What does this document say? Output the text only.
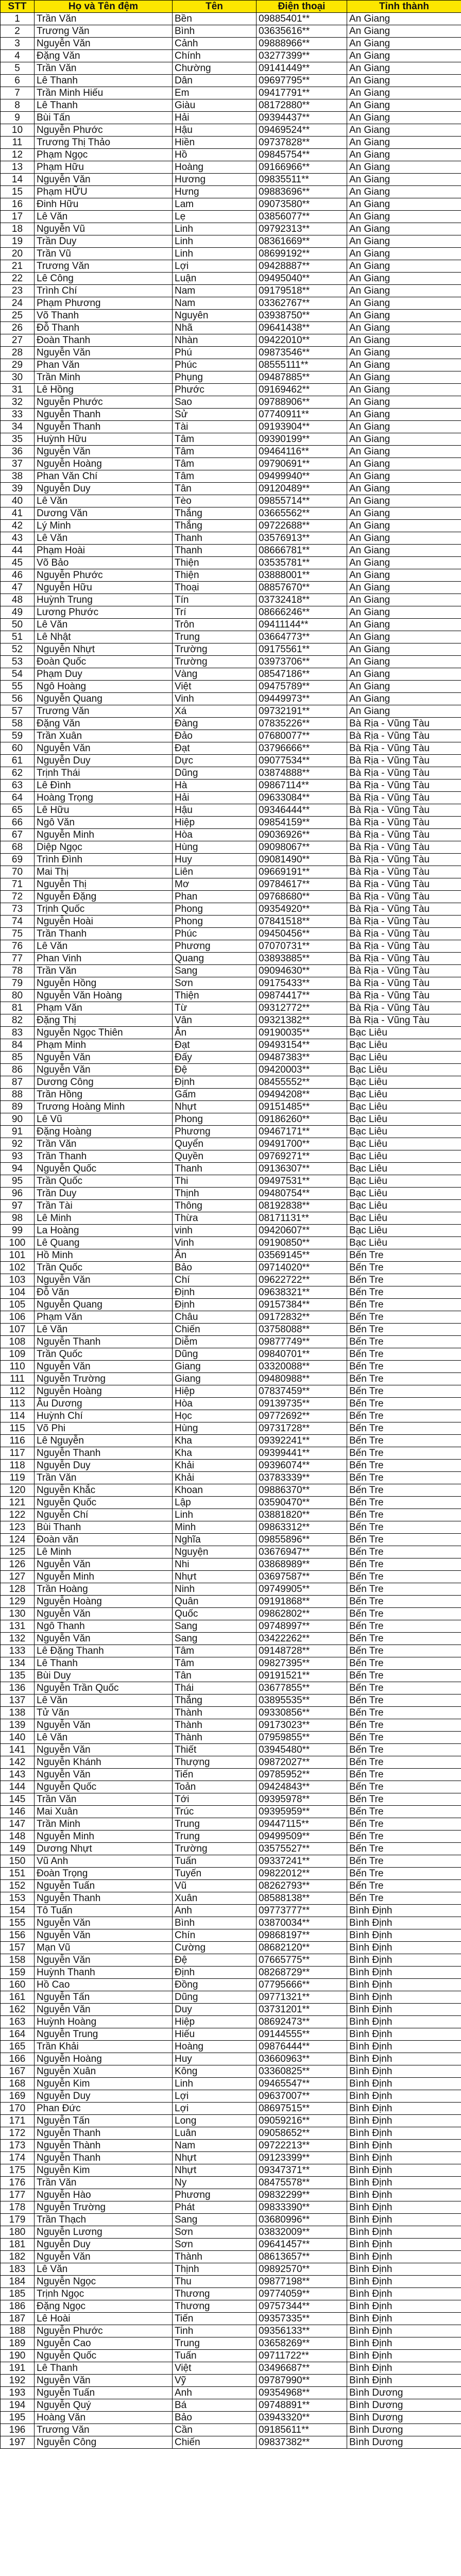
STT	Họ và Tên đệm	Tên	Điện thoại	Tỉnh thành
1	Trần Văn	Bền	09885401**	An Giang
2	Trương Văn	Bình	03635616**	An Giang
3	Nguyễn Văn	Cảnh	09888966**	An Giang
4	Đặng Văn	Chính	03277399**	An Giang
5	Trần Văn	Chường	09141449**	An Giang
6	Lê Thanh	Dân	09697795**	An Giang
7	Trần Minh Hiếu	Em	09417791**	An Giang
8	Lê Thanh	Giàu	08172880**	An Giang
9	Bùi Tấn	Hải	09394437**	An Giang
10	Nguyễn Phước	Hậu	09469524**	An Giang
11	Trương Thị Thảo	Hiền	09737828**	An Giang
12	Phạm Ngọc	Hồ	09845754**	An Giang
13	Phạm Hữu	Hoàng	09166966**	An Giang
14	Nguyễn Văn	Hương	09835511**	An Giang
15	Phạm HỮU	Hưng	09883696**	An Giang
16	Đinh Hữu	Lam	09073580**	An Giang
17	Lê Văn	Lẹ	03856077**	An Giang
18	Nguyễn Vũ	Linh	09792313**	An Giang
19	Trần Duy	Linh	08361669**	An Giang
20	Trần Vũ	Linh	08699192**	An Giang
21	Trương Văn	Lợi	09428887**	An Giang
22	Lê Công	Luận	09495040**	An Giang
23	Trình Chí	Nam	09179518**	An Giang
24	Phạm Phương	Nam	03362767**	An Giang
25	Võ Thanh	Nguyên	03938750**	An Giang
26	Đỗ Thanh	Nhã	09641438**	An Giang
27	Đoàn Thanh	Nhàn	09422010**	An Giang
28	Nguyễn Văn	Phú	09873546**	An Giang
29	Phan Văn	Phúc	08555111**	An Giang
30	Trần Minh	Phụng	09487885**	An Giang
31	Lê Hồng	Phước	09169462**	An Giang
32	Nguyễn Phước	Sao	09788906**	An Giang
33	Nguyễn Thanh	Sử	07740911**	An Giang
34	Nguyễn Thanh	Tài	09193904**	An Giang
35	Huỳnh Hữu	Tâm	09390199**	An Giang
36	Nguyễn Văn	Tâm	09464116**	An Giang
37	Nguyễn Hoàng	Tâm	09790691**	An Giang
38	Phan Văn Chí	Tâm	09499940**	An Giang
39	Nguyễn Duy	Tân	09120489**	An Giang
40	Lê Văn	Tèo	09855714**	An Giang
41	Dương Văn	Thắng	03665562**	An Giang
42	Lý Minh	Thắng	09722688**	An Giang
43	Lê Văn	Thanh	03576913**	An Giang
44	Phạm Hoài	Thanh	08666781**	An Giang
45	Võ Bảo	Thiện	03535781**	An Giang
46	Nguyễn Phước	Thiện	03888001**	An Giang
47	Nguyễn Hữu	Thoại	08857670**	An Giang
48	Huỳnh Trung	Tín	03732418**	An Giang
49	Lương Phước	Trí	08666246**	An Giang
50	Lê Văn	Trôn	09411144**	An Giang
51	Lê Nhật	Trung	03664773**	An Giang
52	Nguyễn Nhựt	Trường	09175561**	An Giang
53	Đoàn Quốc	Trường	03973706**	An Giang
54	Phạm Duy	Vàng	08547186**	An Giang
55	Ngô Hoàng	Việt	09475789**	An Giang
56	Nguyễn Quang	Vinh	09449973**	An Giang
57	Trương Văn	Xá	09732191**	An Giang
58	Đặng Văn	Đàng	07835226**	Bà Rịa - Vũng Tàu
59	Trần Xuân	Đảo	07680077**	Bà Rịa - Vũng Tàu
60	Nguyễn Văn	Đạt	03796666**	Bà Rịa - Vũng Tàu
61	Nguyễn Duy	Dực	09077534**	Bà Rịa - Vũng Tàu
62	Trịnh Thái	Dũng	03874888**	Bà Rịa - Vũng Tàu
63	Lê Đình	Hà	09867114**	Bà Rịa - Vũng Tàu
64	Hoàng Trọng	Hải	09633084**	Bà Rịa - Vũng Tàu
65	Lê Hữu	Hậu	09346444**	Bà Rịa - Vũng Tàu
66	Ngô Văn	Hiệp	09854159**	Bà Rịa - Vũng Tàu
67	Nguyễn Minh	Hòa	09036926**	Bà Rịa - Vũng Tàu
68	Diệp Ngọc	Hùng	09098067**	Bà Rịa - Vũng Tàu
69	Trình Đình	Huy	09081490**	Bà Rịa - Vũng Tàu
70	Mai Thị	Liên	09669191**	Bà Rịa - Vũng Tàu
71	Nguyễn Thị	Mơ	09784617**	Bà Rịa - Vũng Tàu
72	Nguyễn Đặng	Phan	09768680**	Bà Rịa - Vũng Tàu
73	Trịnh Quốc	Phong	09354920**	Bà Rịa - Vũng Tàu
74	Nguyễn Hoài	Phong	07841518**	Bà Rịa - Vũng Tàu
75	Trần Thanh	Phúc	09450456**	Bà Rịa - Vũng Tàu
76	Lê Văn	Phương	07070731**	Bà Rịa - Vũng Tàu
77	Phan Vinh	Quang	03893885**	Bà Rịa - Vũng Tàu
78	Trần Văn	Sang	09094630**	Bà Rịa - Vũng Tàu
79	Nguyễn Hồng	Sơn	09175433**	Bà Rịa - Vũng Tàu
80	Nguyễn Văn Hoàng	Thiện	09874417**	Bà Rịa - Vũng Tàu
81	Phạm Văn	Từ	09312772**	Bà Rịa - Vũng Tàu
82	Đặng Thị	Vân	09321382**	Bà Rịa - Vũng Tàu
83	Nguyễn Ngọc Thiên	Ân	09190035**	Bạc Liêu
84	Phạm Minh	Đạt	09493154**	Bạc Liêu
85	Nguyễn Văn	Đấy	09487383**	Bạc Liêu
86	Nguyễn Văn	Đệ	09420003**	Bạc Liêu
87	Dương Công	Định	08455552**	Bạc Liêu
88	Trần Hồng	Gấm	09494208**	Bạc Liêu
89	Trương Hoàng Minh	Nhựt	09151485**	Bạc Liêu
90	Lê Vũ	Phong	09186260**	Bạc Liêu
91	Đặng Hoàng	Phương	09467171**	Bạc Liêu
92	Trần Văn	Quyển	09491700**	Bạc Liêu
93	Trần Thanh	Quyền	09769271**	Bạc Liêu
94	Nguyễn Quốc	Thanh	09136307**	Bạc Liêu
95	Trần Quốc	Thi	09497531**	Bạc Liêu
96	Trần Duy	Thịnh	09480754**	Bạc Liêu
97	Trần Tài	Thông	08192838**	Bạc Liêu
98	Lê Minh	Thừa	08171131**	Bạc Liêu
99	La Hoàng	vinh	09420607**	Bạc Liêu
100	Lê Quang	Vinh	09190850**	Bạc Liêu
101	Hồ Minh	Ân	03569145**	Bến Tre
102	Trần Quốc	Bảo	09714020**	Bến Tre
103	Nguyễn Văn	Chí	09622722**	Bến Tre
104	Đỗ Văn	Định	09638321**	Bến Tre
105	Nguyễn Quang	Định	09157384**	Bến Tre
106	Phạm Văn	Châu	09172832**	Bến Tre
107	Lê Văn	Chiến	03758088**	Bến Tre
108	Nguyễn Thanh	Diễm	09877749**	Bến Tre
109	Trần Quốc	Dũng	09840701**	Bến Tre
110	Nguyễn Văn	Giang	03320088**	Bến Tre
111	Nguyễn Trường	Giang	09480988**	Bến Tre
112	Nguyễn Hoàng	Hiệp	07837459**	Bến Tre
113	Âu Dương	Hòa	09139735**	Bến Tre
114	Huỳnh Chí	Học	09772692**	Bến Tre
115	Võ Phi	Hùng	09731728**	Bến Tre
116	Lê Nguyễn	Kha	09392241**	Bến Tre
117	Nguyễn Thanh	Kha	09399441**	Bến Tre
118	Nguyễn Duy	Khải	09396074**	Bến Tre
119	Trần Văn	Khải	03783339**	Bến Tre
120	Nguyễn Khắc	Khoan	09886370**	Bến Tre
121	Nguyễn Quốc	Lập	03590470**	Bến Tre
122	Nguyễn Chí	Linh	03881820**	Bến Tre
123	Bùi Thanh	Minh	09863312**	Bến Tre
124	Đoàn văn	Nghĩa	09855896**	Bến Tre
125	Lê Minh	Nguyện	03676947**	Bến Tre
126	Nguyễn Văn	Nhi	03868989**	Bến Tre
127	Nguyễn Minh	Nhựt	03697587**	Bến Tre
128	Trần Hoàng	Ninh	09749905**	Bến Tre
129	Nguyễn Hoàng	Quân	09191868**	Bến Tre
130	Nguyễn Văn	Quốc	09862802**	Bến Tre
131	Ngô Thanh	Sang	09748997**	Bến Tre
132	Nguyễn Văn	Sang	03422262**	Bến Tre
133	Lê Đặng Thanh	Tâm	09148728**	Bến Tre
134	Lê Thanh	Tâm	09827395**	Bến Tre
135	Bùi Duy	Tân	09191521**	Bến Tre
136	Nguyễn Trần Quốc	Thái	03677855**	Bến Tre
137	Lê Văn	Thắng	03895535**	Bến Tre
138	Tử Văn	Thành	09330856**	Bến Tre
139	Nguyễn Văn	Thành	09173023**	Bến Tre
140	Lê Văn	Thành	07959855**	Bến Tre
141	Nguyễn Văn	Thiết	03945480**	Bến Tre
142	Nguyễn Khánh	Thượng	09872027**	Bến Tre
143	Nguyễn Văn	Tiến	09785952**	Bến Tre
144	Nguyễn Quốc	Toản	09424843**	Bến Tre
145	Trần Văn	Tới	09395978**	Bến Tre
146	Mai Xuân	Trúc	09395959**	Bến Tre
147	Trần Minh	Trung	09447115**	Bến Tre
148	Nguyễn Minh	Trung	09499509**	Bến Tre
149	Dương Nhựt	Trường	03575527**	Bến Tre
150	Vũ Anh	Tuấn	09337241**	Bến Tre
151	Đoàn Trọng	Tuyến	09822012**	Bến Tre
152	Nguyễn Tuấn	Vũ	08262793**	Bến Tre
153	Nguyễn Thanh	Xuân	08588138**	Bến Tre
154	Tô Tuấn	Anh	09773777**	Bình Định
155	Nguyễn Văn	Bình	03870034**	Bình Định
156	Nguyễn Văn	Chín	09868197**	Bình Định
157	Mạn Vũ	Cường	08682120**	Bình Định
158	Nguyễn Văn	Đệ	07665775**	Bình Định
159	Huỳnh Thanh	Định	08268729**	Bình Định
160	Hồ Cao	Đồng	07795666**	Bình Định
161	Nguyễn Tấn	Dũng	09771321**	Bình Định
162	Nguyễn Văn	Duy	03731201**	Bình Định
163	Huỳnh Hoàng	Hiệp	08692473**	Bình Định
164	Nguyễn Trung	Hiếu	09144555**	Bình Định
165	Trần Khải	Hoàng	09876444**	Bình Định
166	Nguyễn Hoàng	Huy	03660963**	Bình Định
167	Nguyễn Xuân	Kông	03360825**	Bình Định
168	Nguyễn Kim	Linh	09465547**	Bình Định
169	Nguyễn Duy	Lợi	09637007**	Bình Định
170	Phan Đức	Lợi	08697515**	Bình Định
171	Nguyễn Tấn	Long	09059216**	Bình Định
172	Nguyễn Thanh	Luân	09058652**	Bình Định
173	Nguyễn Thành	Nam	09722213**	Bình Định
174	Nguyễn Thanh	Nhựt	09123399**	Bình Định
175	Nguyễn Kim	Nhựt	09347371**	Bình Định
176	Trần Văn	Ny	08475578**	Bình Định
177	Nguyễn Hào	Phương	09832299**	Bình Định
178	Nguyễn Trường	Phát	09833390**	Bình Định
179	Trần Thạch	Sang	03680996**	Bình Định
180	Nguyễn Lương	Sơn	03832009**	Bình Định
181	Nguyễn Duy	Sơn	09641457**	Bình Định
182	Nguyễn Văn	Thành	08613657**	Bình Định
183	Lê Văn	Thịnh	09892570**	Bình Định
184	Nguyễn Ngọc	Thu	09877198**	Bình Định
185	Trịnh Ngọc	Thương	09774059**	Bình Định
186	Đặng Ngọc	Thương	09757344**	Bình Định
187	Lê Hoài	Tiến	09357335**	Bình Định
188	Nguyễn Phước	Tinh	09356133**	Bình Định
189	Nguyễn Cao	Trung	03658269**	Bình Định
190	Nguyễn Quốc	Tuấn	09711722**	Bình Định
191	Lê Thanh	Việt	03496687**	Bình Định
192	Nguyễn Văn	Vỹ	09787990**	Bình Định
193	Nguyễn Tuấn	Anh	09354968**	Bình Dương
194	Nguyễn Quý	Bá	09748891**	Bình Dương
195	Hoàng Văn	Bảo	03943320**	Bình Dương
196	Trương Văn	Cần	09185611**	Bình Dương
197	Nguyễn Công	Chiến	09837382**	Bình Dương
